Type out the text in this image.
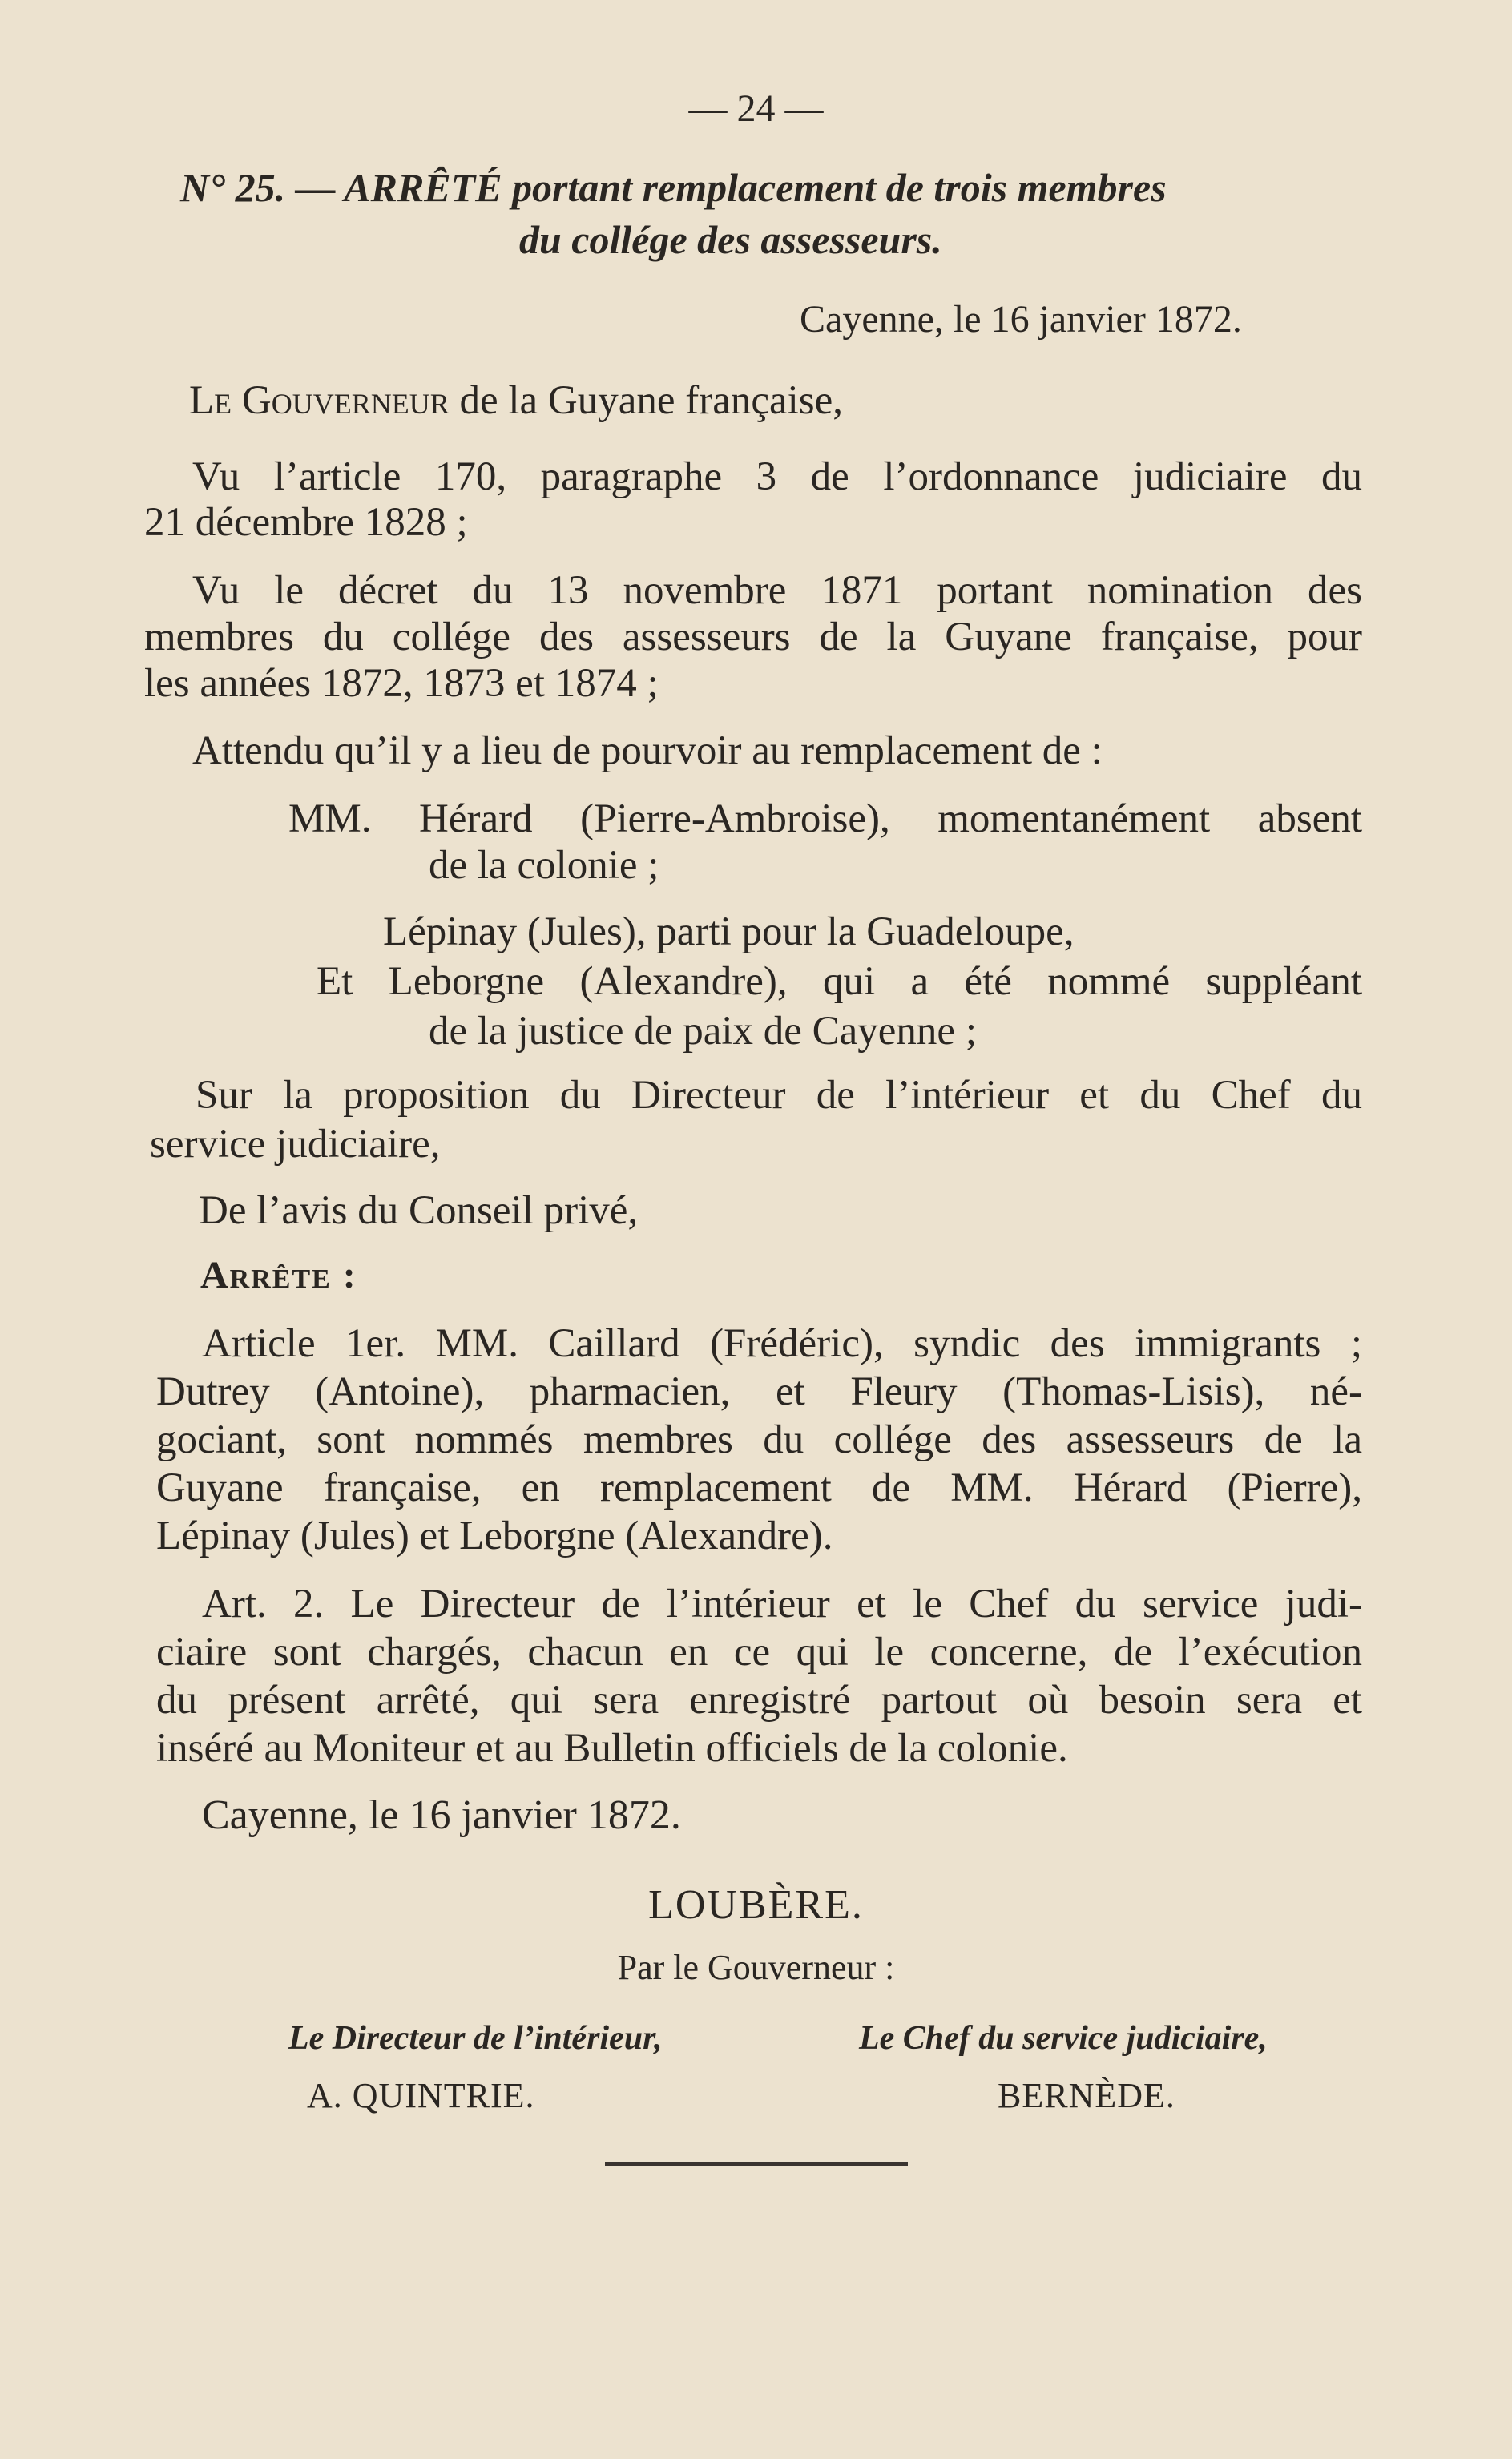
— 24 —
N° 25. — ARRÊTÉ portant remplacement de trois membres
du collége des assesseurs.
Cayenne, le 16 janvier 1872.
Le Gouverneur de la Guyane française,
Vu l’article 170, paragraphe 3 de l’ordonnance judiciaire du
21 décembre 1828 ;
Vu le décret du 13 novembre 1871 portant nomination des
membres du collége des assesseurs de la Guyane française, pour
les années 1872, 1873 et 1874 ;
Attendu qu’il y a lieu de pourvoir au remplacement de :
MM. Hérard (Pierre-Ambroise), momentanément absent
de la colonie ;
Lépinay (Jules), parti pour la Guadeloupe,
Et Leborgne (Alexandre), qui a été nommé suppléant
de la justice de paix de Cayenne ;
Sur la proposition du Directeur de l’intérieur et du Chef du
service judiciaire,
De l’avis du Conseil privé,
Arrête :
Article 1er. MM. Caillard (Frédéric), syndic des immigrants ;
Dutrey (Antoine), pharmacien, et Fleury (Thomas-Lisis), né-
gociant, sont nommés membres du collége des assesseurs de la
Guyane française, en remplacement de MM. Hérard (Pierre),
Lépinay (Jules) et Leborgne (Alexandre).
Art. 2. Le Directeur de l’intérieur et le Chef du service judi-
ciaire sont chargés, chacun en ce qui le concerne, de l’exécution
du présent arrêté, qui sera enregistré partout où besoin sera et
inséré au Moniteur et au Bulletin officiels de la colonie.
Cayenne, le 16 janvier 1872.
LOUBÈRE.
Par le Gouverneur :
Le Directeur de l’intérieur,	Le Chef du service judiciaire,
A. QUINTRIE.	BERNÈDE.
